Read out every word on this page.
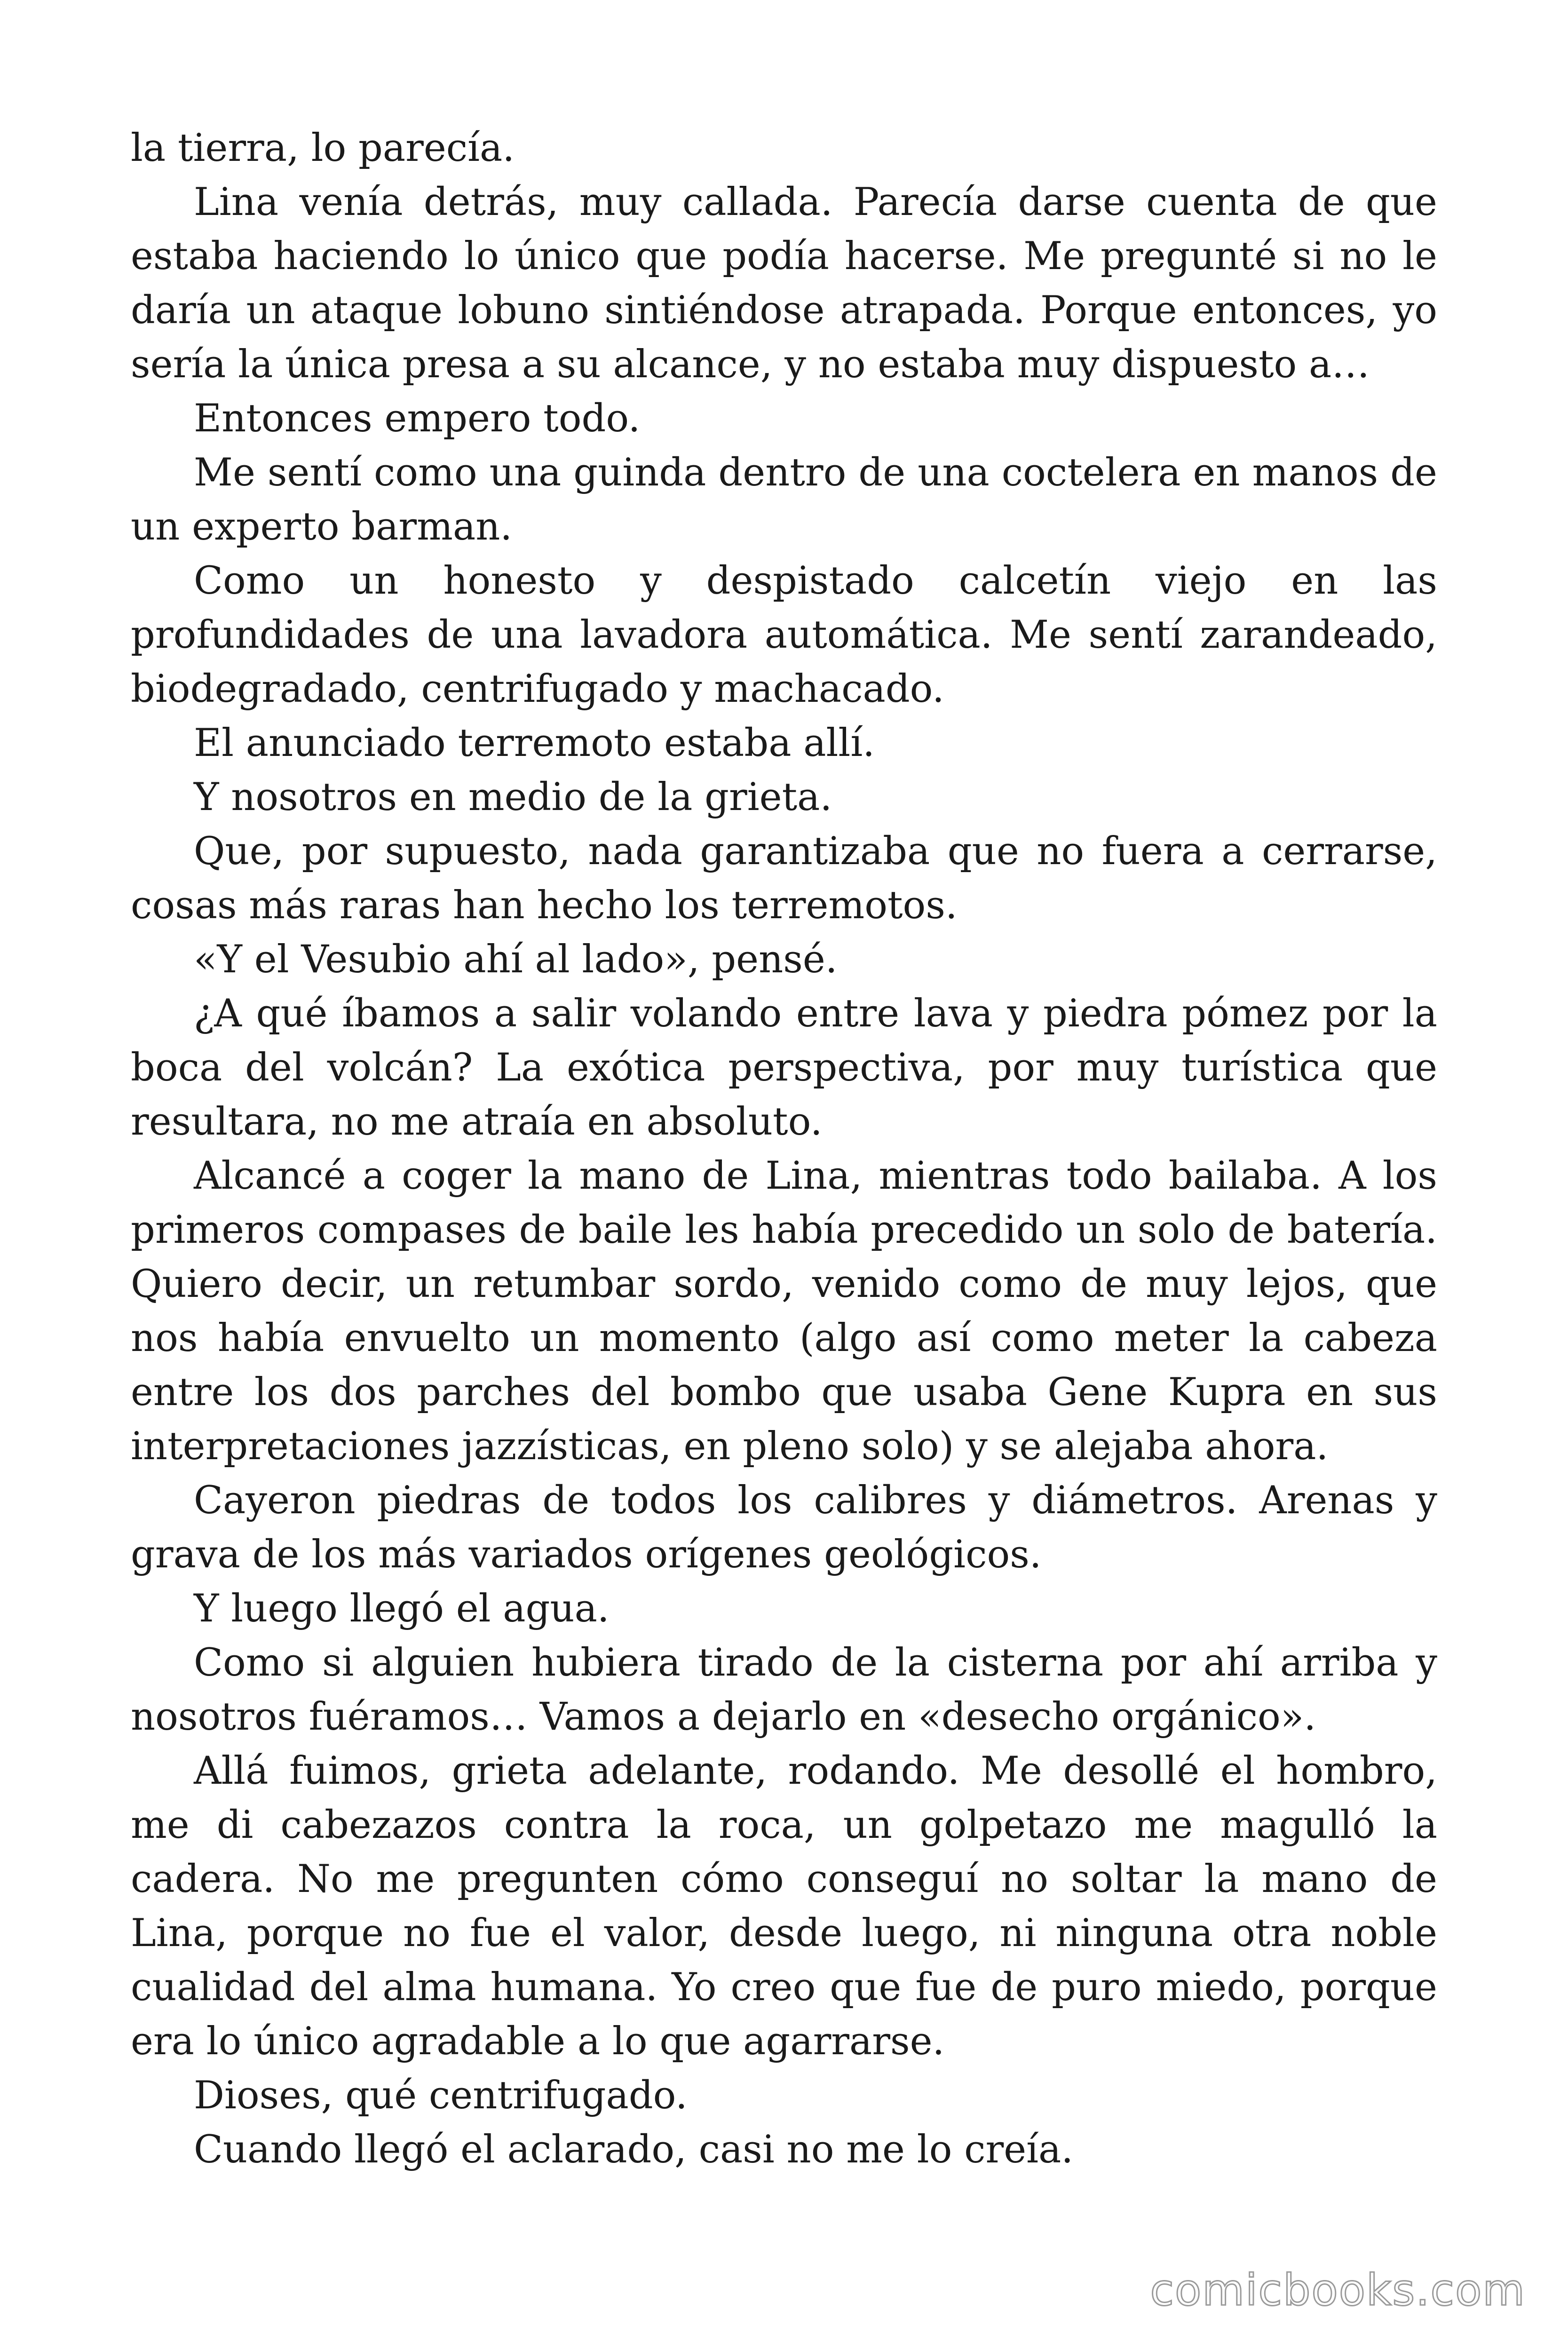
la tierra, lo parecía.

Lina venía detrás, muy callada. Parecía darse cuenta de que estaba haciendo lo único que podía hacerse. Me pregunté si no le daría un ataque lobuno sintiéndose atrapada. Porque entonces, yo sería la única presa a su alcance, y no estaba muy dispuesto a…

Entonces empero todo.

Me sentí como una guinda dentro de una coctelera en manos de un experto barman.

Como un honesto y despistado calcetín viejo en las profundidades de una lavadora automática. Me sentí zarandeado, biodegradado, centrifugado y machacado.

El anunciado terremoto estaba allí.

Y nosotros en medio de la grieta.

Que, por supuesto, nada garantizaba que no fuera a cerrarse, cosas más raras han hecho los terremotos.

«Y el Vesubio ahí al lado», pensé.

¿A qué íbamos a salir volando entre lava y piedra pómez por la boca del volcán? La exótica perspectiva, por muy turística que resultara, no me atraía en absoluto.

Alcancé a coger la mano de Lina, mientras todo bailaba. A los primeros compases de baile les había precedido un solo de batería. Quiero decir, un retumbar sordo, venido como de muy lejos, que nos había envuelto un momento (algo así como meter la cabeza entre los dos parches del bombo que usaba Gene Kupra en sus interpretaciones jazzísticas, en pleno solo) y se alejaba ahora.

Cayeron piedras de todos los calibres y diámetros. Arenas y grava de los más variados orígenes geológicos.

Y luego llegó el agua.

Como si alguien hubiera tirado de la cisterna por ahí arriba y nosotros fuéramos… Vamos a dejarlo en «desecho orgánico».

Allá fuimos, grieta adelante, rodando. Me desollé el hombro, me di cabezazos contra la roca, un golpetazo me magulló la cadera. No me pregunten cómo conseguí no soltar la mano de Lina, porque no fue el valor, desde luego, ni ninguna otra noble cualidad del alma humana. Yo creo que fue de puro miedo, porque era lo único agradable a lo que agarrarse.

Dioses, qué centrifugado.

Cuando llegó el aclarado, casi no me lo creía.

comicbooks.com
